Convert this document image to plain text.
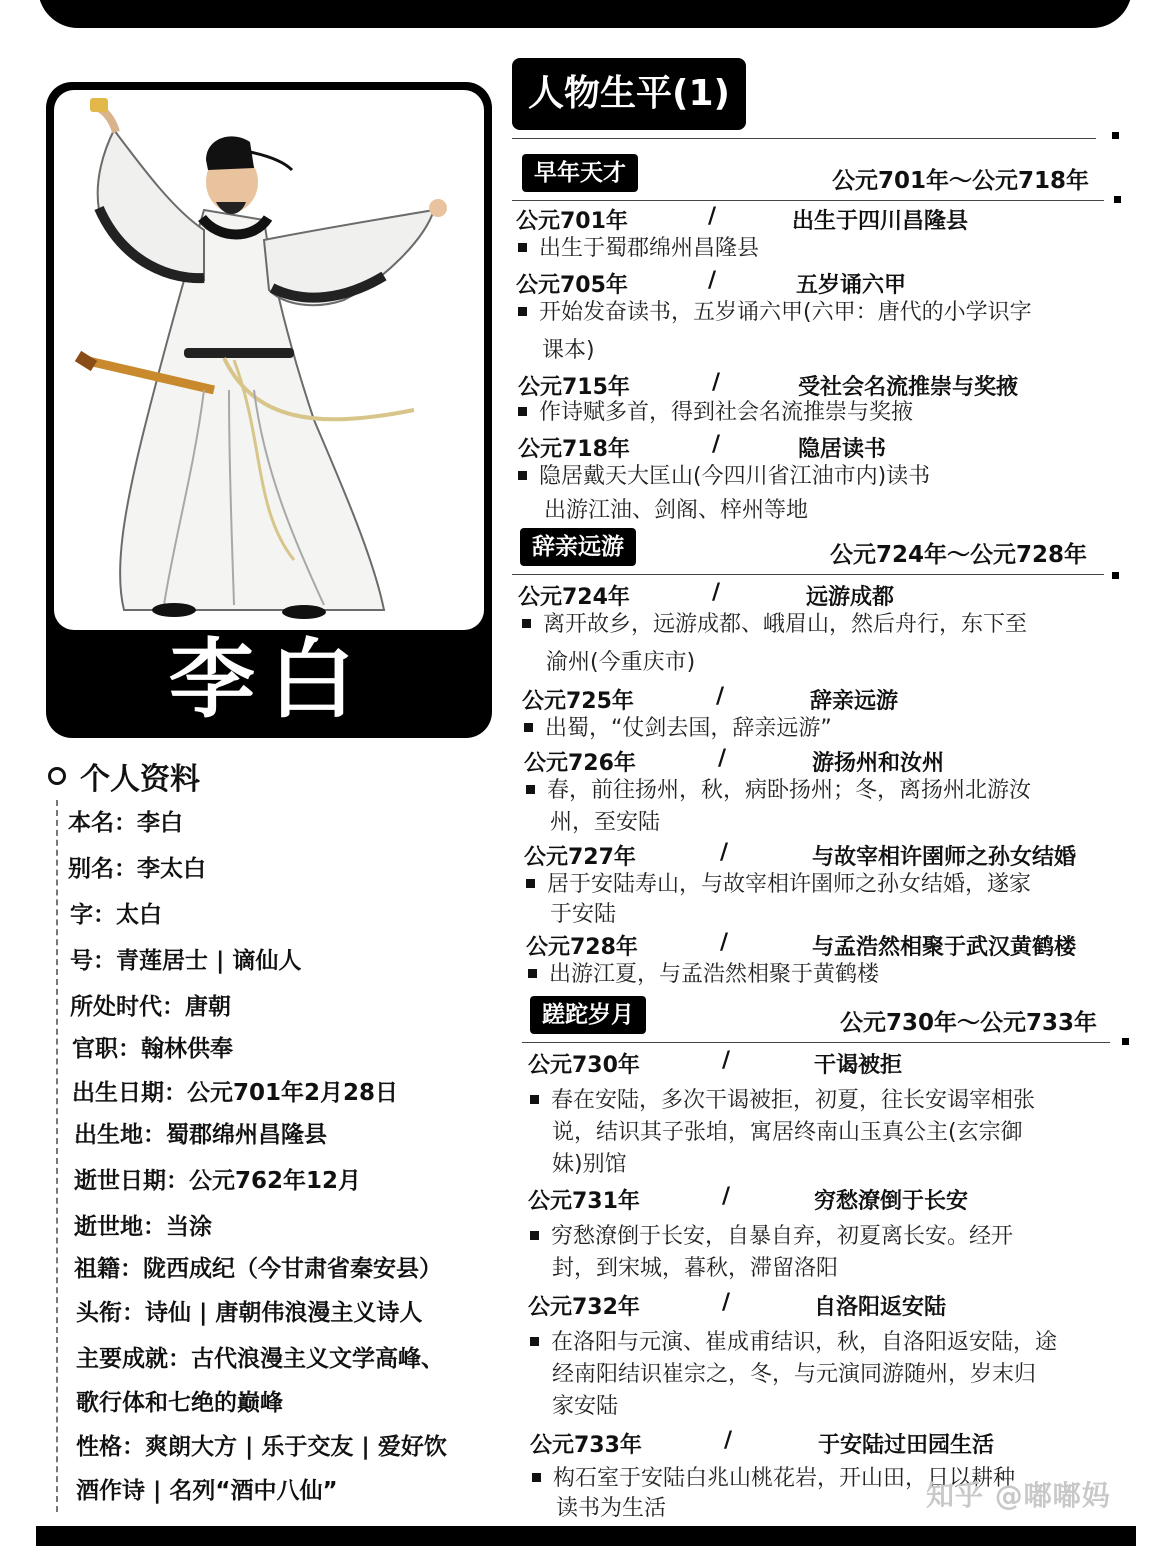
李白
个人资料
本名：李白
别名：李太白
字：太白
号：青莲居士 | 谪仙人
所处时代：唐朝
官职：翰林供奉
出生日期：公元701年2月28日
出生地：蜀郡绵州昌隆县
逝世日期：公元762年12月
逝世地：当涂
祖籍：陇西成纪（今甘肃省秦安县）
头衔：诗仙 | 唐朝伟浪漫主义诗人
主要成就：古代浪漫主义文学高峰、
歌行体和七绝的巅峰
性格：爽朗大方 | 乐于交友 | 爱好饮
酒作诗 | 名列“酒中八仙”
人物生平(1)
早年天才	公元701年～公元718年
公元701年	/	出生于四川昌隆县
出生于蜀郡绵州昌隆县
公元705年	/	五岁诵六甲
开始发奋读书，五岁诵六甲(六甲：唐代的小学识字
课本)
公元715年	/	受社会名流推崇与奖掖
作诗赋多首，得到社会名流推崇与奖掖
公元718年	/	隐居读书
隐居戴天大匡山(今四川省江油市内)读书
出游江油、剑阁、梓州等地
辞亲远游	公元724年～公元728年
公元724年	/	远游成都
离开故乡，远游成都、峨眉山，然后舟行，东下至
渝州(今重庆市)
公元725年	/	辞亲远游
出蜀，“仗剑去国，辞亲远游”
公元726年	/	游扬州和汝州
春，前往扬州，秋，病卧扬州；冬，离扬州北游汝
州，至安陆
公元727年	/	与故宰相许圉师之孙女结婚
居于安陆寿山，与故宰相许圉师之孙女结婚，遂家
于安陆
公元728年	/	与孟浩然相聚于武汉黄鹤楼
出游江夏，与孟浩然相聚于黄鹤楼
蹉跎岁月	公元730年～公元733年
公元730年	/	干谒被拒
春在安陆，多次干谒被拒，初夏，往长安谒宰相张
说，结识其子张垍，寓居终南山玉真公主(玄宗御
妹)别馆
公元731年	/	穷愁潦倒于长安
穷愁潦倒于长安，自暴自弃，初夏离长安。经开
封，到宋城，暮秋，滞留洛阳
公元732年	/	自洛阳返安陆
在洛阳与元演、崔成甫结识，秋，自洛阳返安陆，途
经南阳结识崔宗之，冬，与元演同游随州，岁末归
家安陆
公元733年	/	于安陆过田园生活
构石室于安陆白兆山桃花岩，开山田，日以耕种
读书为生活	知乎 @嘟嘟妈
